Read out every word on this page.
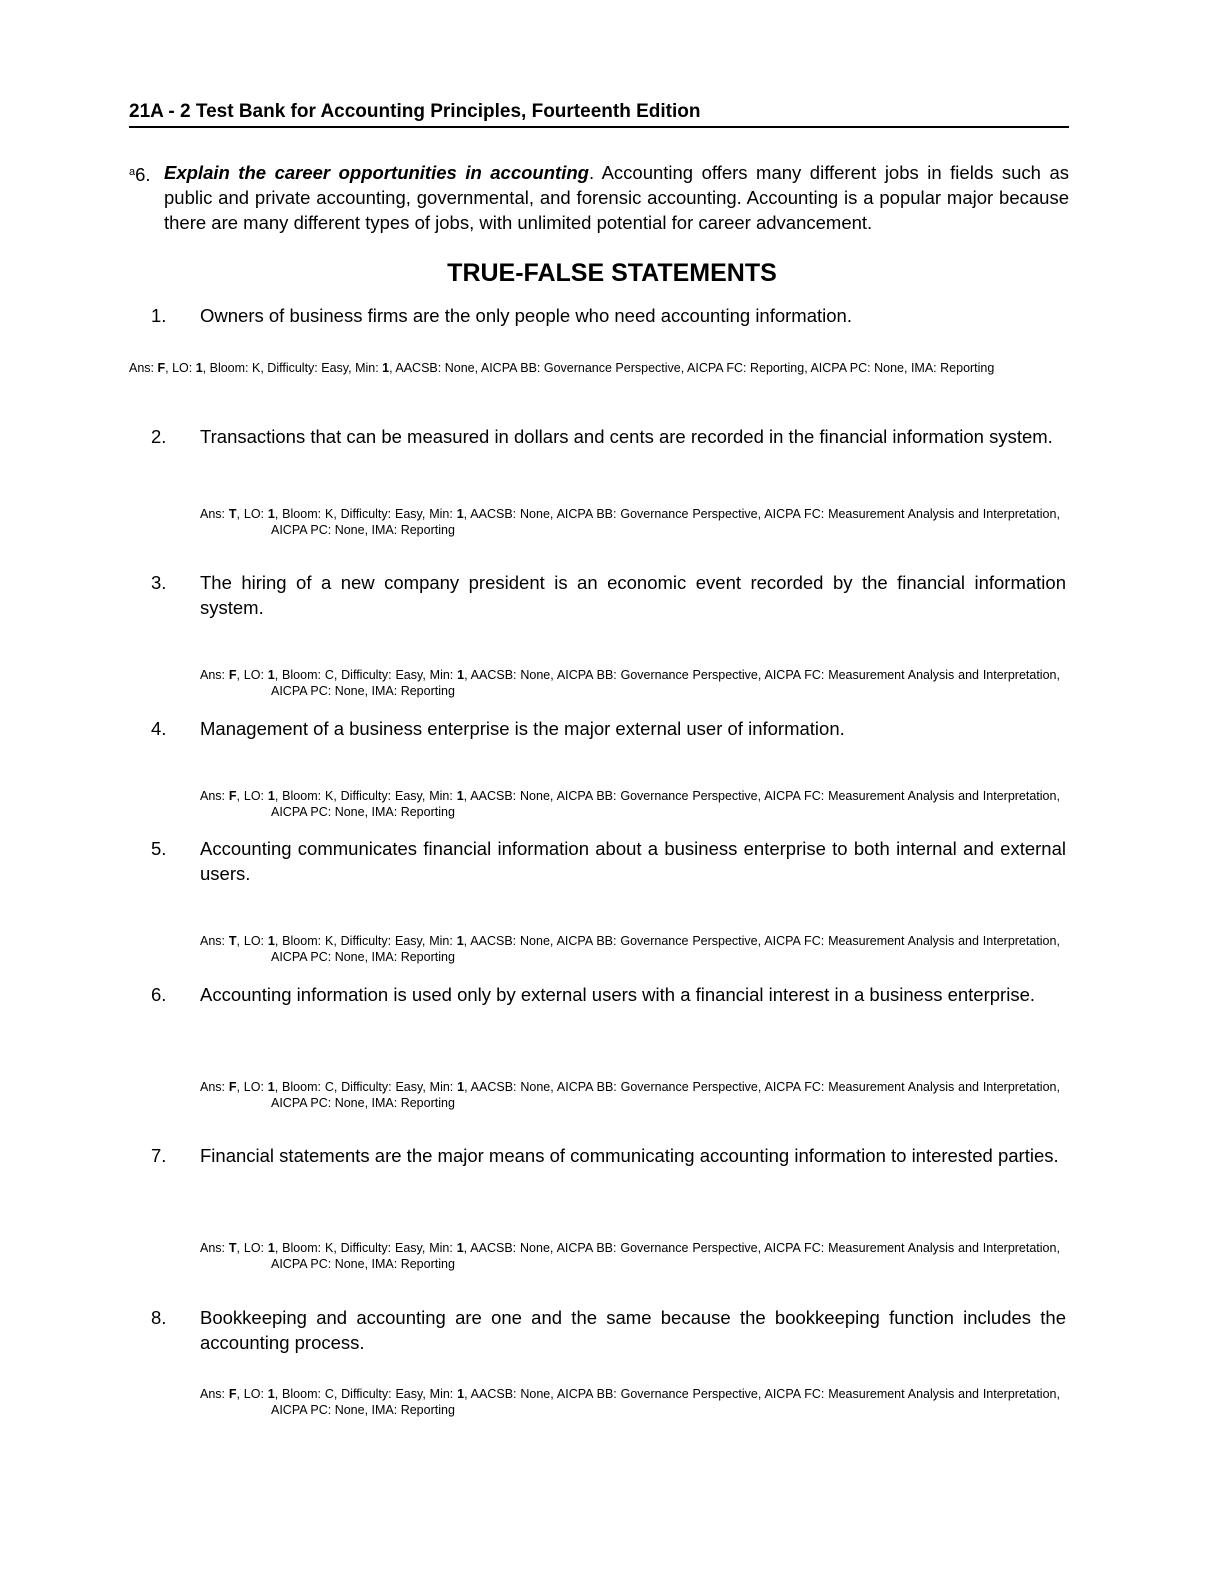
21A - 2 Test Bank for Accounting Principles, Fourteenth Edition
$^a$6. Explain the career opportunities in accounting. Accounting offers many different jobs in fields such as public and private accounting, governmental, and forensic accounting. Accounting is a popular major because there are many different types of jobs, with unlimited potential for career advancement.
TRUE-FALSE STATEMENTS
1. Owners of business firms are the only people who need accounting information.
Ans: F, LO: 1, Bloom: K, Difficulty: Easy, Min: 1, AACSB: None, AICPA BB: Governance Perspective, AICPA FC: Reporting, AICPA PC: None, IMA: Reporting
2. Transactions that can be measured in dollars and cents are recorded in the financial information system.
Ans: T, LO: 1, Bloom: K, Difficulty: Easy, Min: 1, AACSB: None, AICPA BB: Governance Perspective, AICPA FC: Measurement Analysis and Interpretation, AICPA PC: None, IMA: Reporting
3. The hiring of a new company president is an economic event recorded by the financial information system.
Ans: F, LO: 1, Bloom: C, Difficulty: Easy, Min: 1, AACSB: None, AICPA BB: Governance Perspective, AICPA FC: Measurement Analysis and Interpretation, AICPA PC: None, IMA: Reporting
4. Management of a business enterprise is the major external user of information.
Ans: F, LO: 1, Bloom: K, Difficulty: Easy, Min: 1, AACSB: None, AICPA BB: Governance Perspective, AICPA FC: Measurement Analysis and Interpretation, AICPA PC: None, IMA: Reporting
5. Accounting communicates financial information about a business enterprise to both internal and external users.
Ans: T, LO: 1, Bloom: K, Difficulty: Easy, Min: 1, AACSB: None, AICPA BB: Governance Perspective, AICPA FC: Measurement Analysis and Interpretation, AICPA PC: None, IMA: Reporting
6. Accounting information is used only by external users with a financial interest in a business enterprise.
Ans: F, LO: 1, Bloom: C, Difficulty: Easy, Min: 1, AACSB: None, AICPA BB: Governance Perspective, AICPA FC: Measurement Analysis and Interpretation, AICPA PC: None, IMA: Reporting
7. Financial statements are the major means of communicating accounting information to interested parties.
Ans: T, LO: 1, Bloom: K, Difficulty: Easy, Min: 1, AACSB: None, AICPA BB: Governance Perspective, AICPA FC: Measurement Analysis and Interpretation, AICPA PC: None, IMA: Reporting
8. Bookkeeping and accounting are one and the same because the bookkeeping function includes the accounting process.
Ans: F, LO: 1, Bloom: C, Difficulty: Easy, Min: 1, AACSB: None, AICPA BB: Governance Perspective, AICPA FC: Measurement Analysis and Interpretation, AICPA PC: None, IMA: Reporting
